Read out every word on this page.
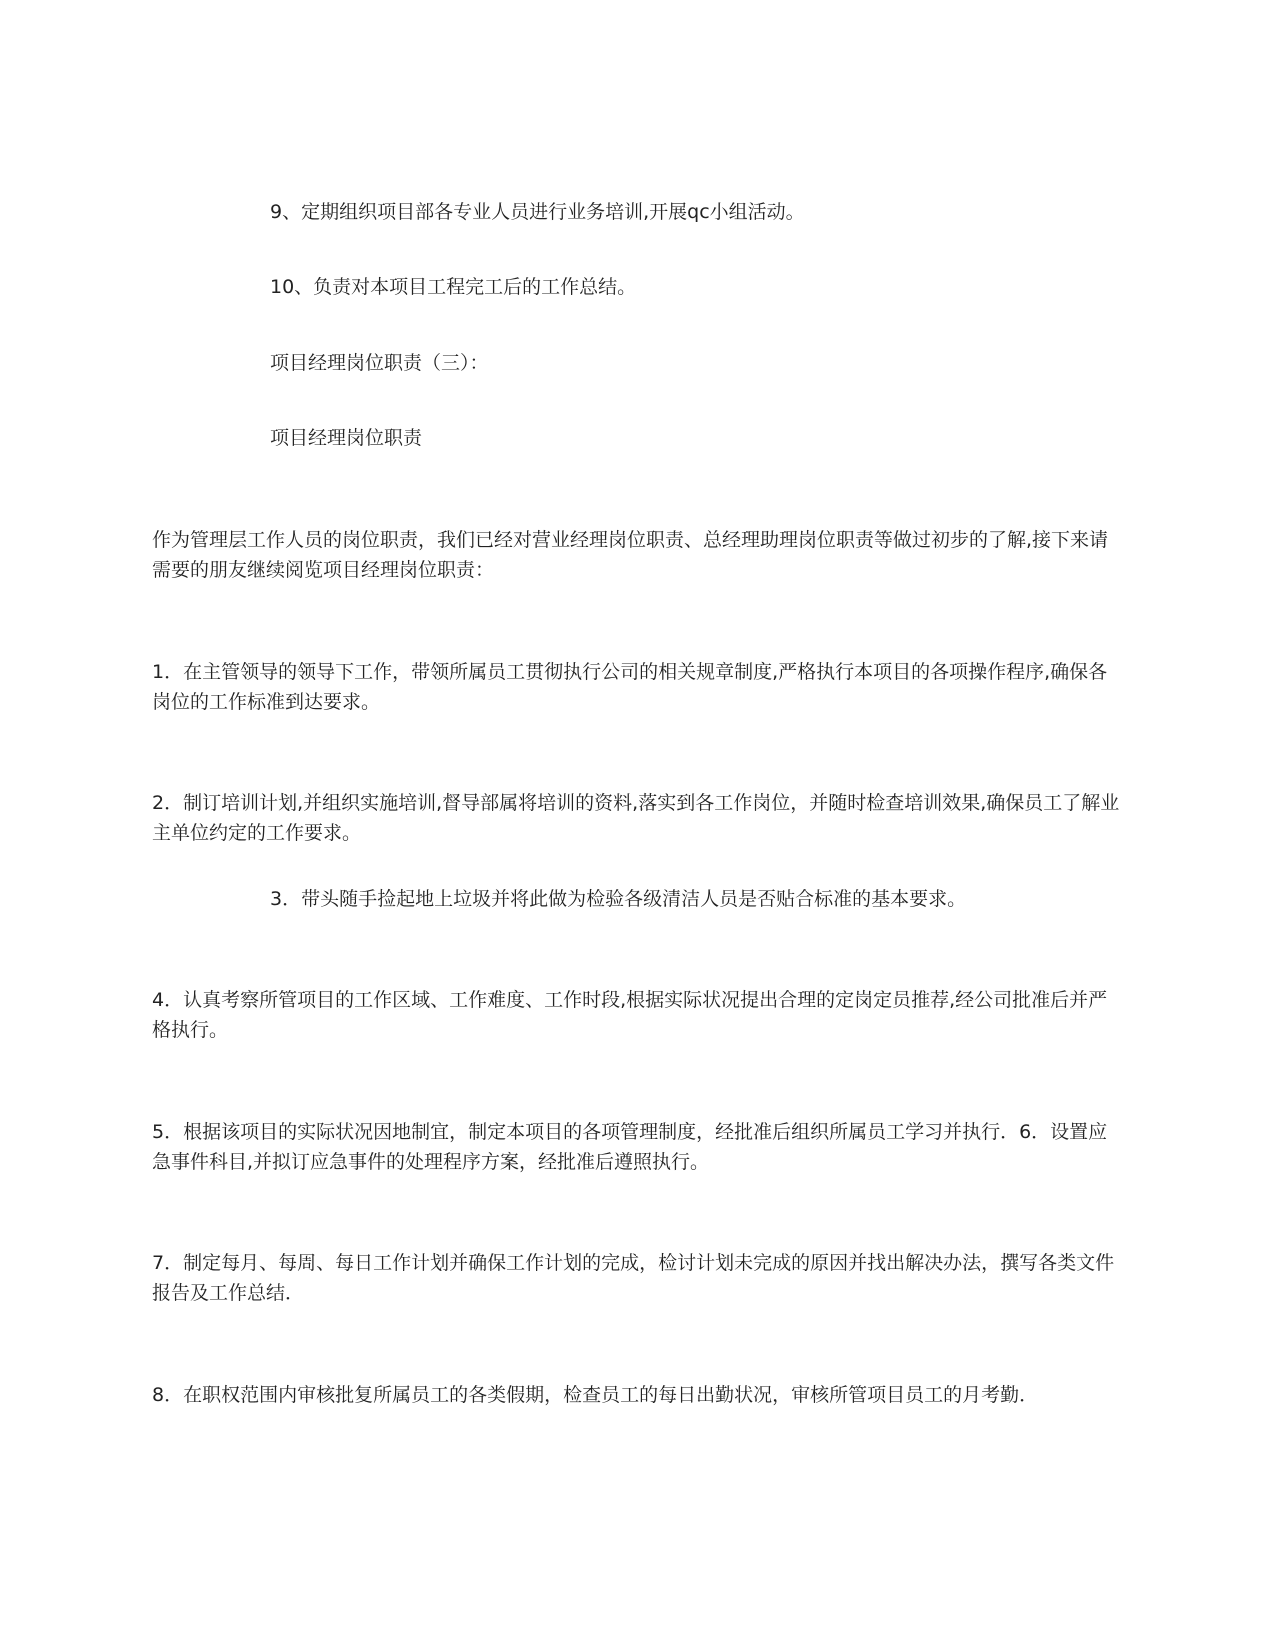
9、定期组织项目部各专业人员进行业务培训,开展qc小组活动。

10、负责对本项目工程完工后的工作总结。

项目经理岗位职责（三）：

项目经理岗位职责

作为管理层工作人员的岗位职责，我们已经对营业经理岗位职责、总经理助理岗位职责等做过初步的了解,接下来请需要的朋友继续阅览项目经理岗位职责：

1．在主管领导的领导下工作，带领所属员工贯彻执行公司的相关规章制度,严格执行本项目的各项操作程序,确保各岗位的工作标准到达要求。

2．制订培训计划,并组织实施培训,督导部属将培训的资料,落实到各工作岗位，并随时检查培训效果,确保员工了解业主单位约定的工作要求。

3．带头随手捡起地上垃圾并将此做为检验各级清洁人员是否贴合标准的基本要求。

4．认真考察所管项目的工作区域、工作难度、工作时段,根据实际状况提出合理的定岗定员推荐,经公司批准后并严格执行。

5．根据该项目的实际状况因地制宜，制定本项目的各项管理制度，经批准后组织所属员工学习并执行．6．设置应急事件科目,并拟订应急事件的处理程序方案，经批准后遵照执行。

7．制定每月、每周、每日工作计划并确保工作计划的完成，检讨计划未完成的原因并找出解决办法，撰写各类文件报告及工作总结．

8．在职权范围内审核批复所属员工的各类假期，检查员工的每日出勤状况，审核所管项目员工的月考勤．
